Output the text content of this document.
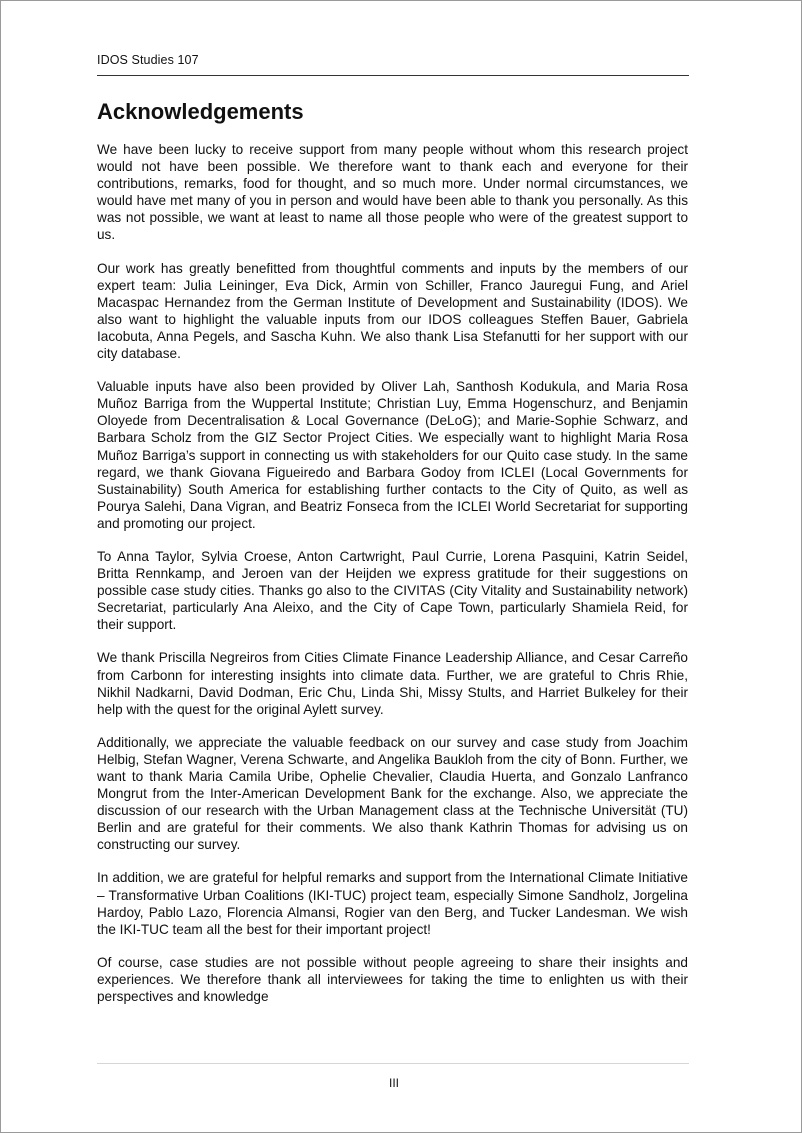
IDOS Studies 107
Acknowledgements

We have been lucky to receive support from many people without whom this research project would not have been possible. We therefore want to thank each and everyone for their contributions, remarks, food for thought, and so much more. Under normal circumstances, we would have met many of you in person and would have been able to thank you personally. As this was not possible, we want at least to name all those people who were of the greatest support to us.

Our work has greatly benefitted from thoughtful comments and inputs by the members of our expert team: Julia Leininger, Eva Dick, Armin von Schiller, Franco Jauregui Fung, and Ariel Macaspac Hernandez from the German Institute of Development and Sustainability (IDOS). We also want to highlight the valuable inputs from our IDOS colleagues Steffen Bauer, Gabriela Iacobuta, Anna Pegels, and Sascha Kuhn. We also thank Lisa Stefanutti for her support with our city database.

Valuable inputs have also been provided by Oliver Lah, Santhosh Kodukula, and Maria Rosa Muñoz Barriga from the Wuppertal Institute; Christian Luy, Emma Hogenschurz, and Benjamin Oloyede from Decentralisation & Local Governance (DeLoG); and Marie-Sophie Schwarz, and Barbara Scholz from the GIZ Sector Project Cities. We especially want to highlight Maria Rosa Muñoz Barriga’s support in connecting us with stakeholders for our Quito case study. In the same regard, we thank Giovana Figueiredo and Barbara Godoy from ICLEI (Local Governments for Sustainability) South America for establishing further contacts to the City of Quito, as well as Pourya Salehi, Dana Vigran, and Beatriz Fonseca from the ICLEI World Secretariat for supporting and promoting our project.

To Anna Taylor, Sylvia Croese, Anton Cartwright, Paul Currie, Lorena Pasquini, Katrin Seidel, Britta Rennkamp, and Jeroen van der Heijden we express gratitude for their suggestions on possible case study cities. Thanks go also to the CIVITAS (City Vitality and Sustainability network) Secretariat, particularly Ana Aleixo, and the City of Cape Town, particularly Shamiela Reid, for their support.

We thank Priscilla Negreiros from Cities Climate Finance Leadership Alliance, and Cesar Carreño from Carbonn for interesting insights into climate data. Further, we are grateful to Chris Rhie, Nikhil Nadkarni, David Dodman, Eric Chu, Linda Shi, Missy Stults, and Harriet Bulkeley for their help with the quest for the original Aylett survey.

Additionally, we appreciate the valuable feedback on our survey and case study from Joachim Helbig, Stefan Wagner, Verena Schwarte, and Angelika Baukloh from the city of Bonn. Further, we want to thank Maria Camila Uribe, Ophelie Chevalier, Claudia Huerta, and Gonzalo Lanfranco Mongrut from the Inter-American Development Bank for the exchange. Also, we appreciate the discussion of our research with the Urban Management class at the Technische Universität (TU) Berlin and are grateful for their comments. We also thank Kathrin Thomas for advising us on constructing our survey.

In addition, we are grateful for helpful remarks and support from the International Climate Initiative – Transformative Urban Coalitions (IKI-TUC) project team, especially Simone Sandholz, Jorgelina Hardoy, Pablo Lazo, Florencia Almansi, Rogier van den Berg, and Tucker Landesman. We wish the IKI-TUC team all the best for their important project!

Of course, case studies are not possible without people agreeing to share their insights and experiences. We therefore thank all interviewees for taking the time to enlighten us with their perspectives and knowledge

III
